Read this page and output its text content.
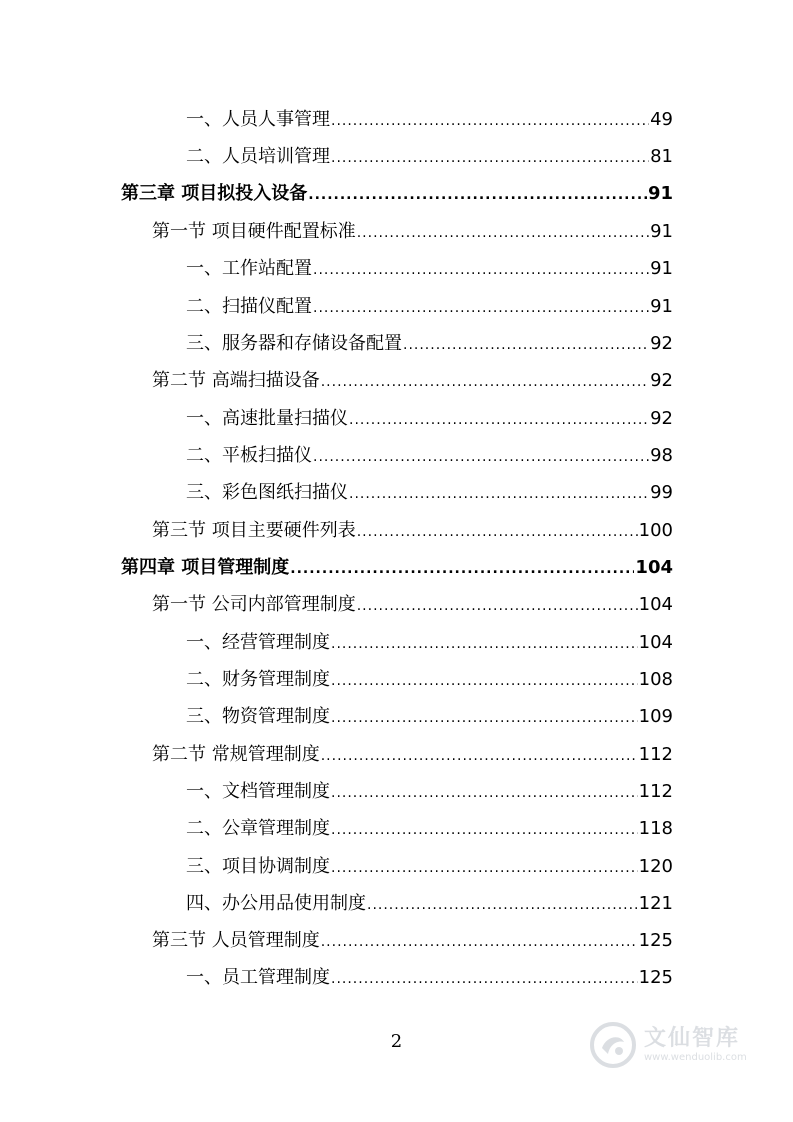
一、人员人事管理 .....	49
二、人员培训管理 .....	81
第三章 项目拟投入设备 .....	91
第一节 项目硬件配置标准 .....	91
一、工作站配置 .....	91
二、扫描仪配置 .....	91
三、服务器和存储设备配置 .....	92
第二节 高端扫描设备 .....	92
一、高速批量扫描仪 .....	92
二、平板扫描仪 .....	98
三、彩色图纸扫描仪 .....	99
第三节 项目主要硬件列表 .....	100
第四章 项目管理制度 .....	104
第一节 公司内部管理制度 .....	104
一、经营管理制度 .....	104
二、财务管理制度 .....	108
三、物资管理制度 .....	109
第二节 常规管理制度 .....	112
一、文档管理制度 .....	112
二、公章管理制度 .....	118
三、项目协调制度 .....	120
四、办公用品使用制度 .....	121
第三节 人员管理制度 .....	125
一、员工管理制度 .....	125
2	文仙智库
www.wenduolib.com
